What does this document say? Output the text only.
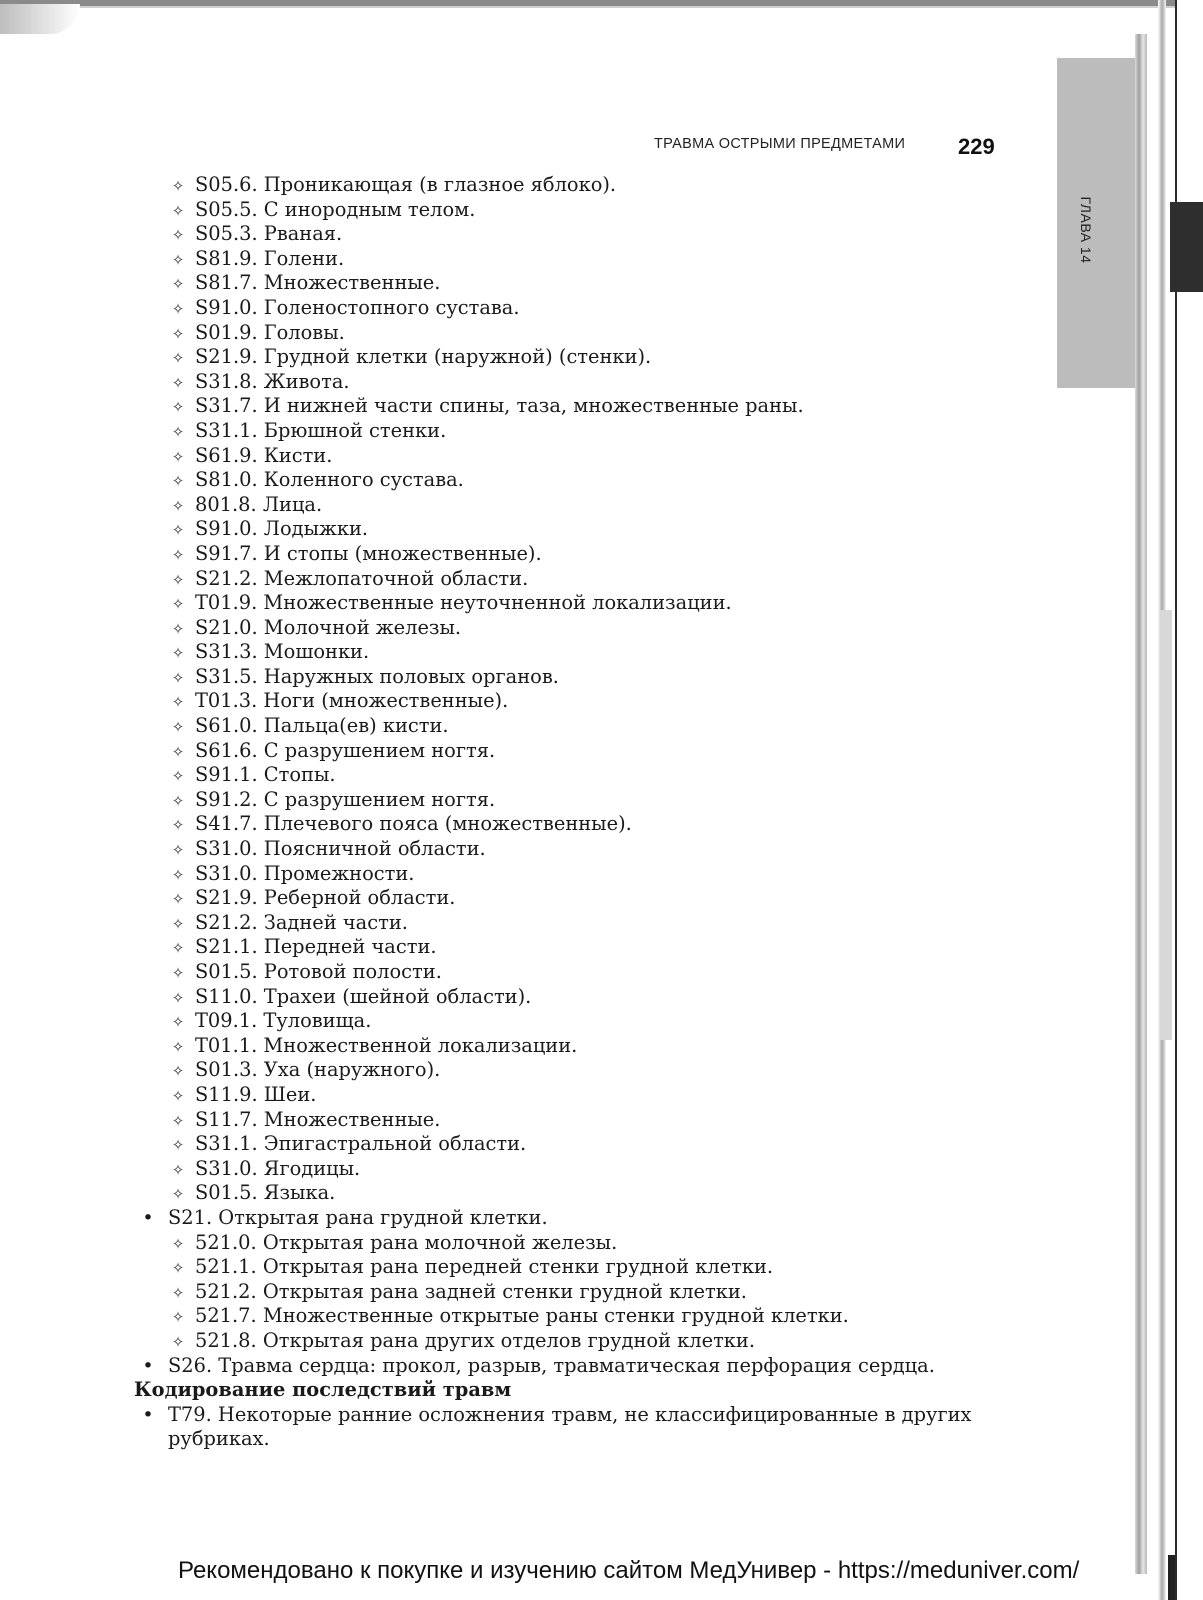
ГЛАВА 14
ТРАВМА ОСТРЫМИ ПРЕДМЕТАМИ 229
✧ S05.6. Проникающая (в глазное яблоко).
✧ S05.5. С инородным телом.
✧ S05.3. Рваная.
✧ S81.9. Голени.
✧ S81.7. Множественные.
✧ S91.0. Голеностопного сустава.
✧ S01.9. Головы.
✧ S21.9. Грудной клетки (наружной) (стенки).
✧ S31.8. Живота.
✧ S31.7. И нижней части спины, таза, множественные раны.
✧ S31.1. Брюшной стенки.
✧ S61.9. Кисти.
✧ S81.0. Коленного сустава.
✧ 801.8. Лица.
✧ S91.0. Лодыжки.
✧ S91.7. И стопы (множественные).
✧ S21.2. Межлопаточной области.
✧ T01.9. Множественные неуточненной локализации.
✧ S21.0. Молочной железы.
✧ S31.3. Мошонки.
✧ S31.5. Наружных половых органов.
✧ T01.3. Ноги (множественные).
✧ S61.0. Пальца(ев) кисти.
✧ S61.6. С разрушением ногтя.
✧ S91.1. Стопы.
✧ S91.2. С разрушением ногтя.
✧ S41.7. Плечевого пояса (множественные).
✧ S31.0. Поясничной области.
✧ S31.0. Промежности.
✧ S21.9. Реберной области.
✧ S21.2. Задней части.
✧ S21.1. Передней части.
✧ S01.5. Ротовой полости.
✧ S11.0. Трахеи (шейной области).
✧ T09.1. Туловища.
✧ T01.1. Множественной локализации.
✧ S01.3. Уха (наружного).
✧ S11.9. Шеи.
✧ S11.7. Множественные.
✧ S31.1. Эпигастральной области.
✧ S31.0. Ягодицы.
✧ S01.5. Языка.
• S21. Открытая рана грудной клетки.
✧ 521.0. Открытая рана молочной железы.
✧ 521.1. Открытая рана передней стенки грудной клетки.
✧ 521.2. Открытая рана задней стенки грудной клетки.
✧ 521.7. Множественные открытые раны стенки грудной клетки.
✧ 521.8. Открытая рана других отделов грудной клетки.
• S26. Травма сердца: прокол, разрыв, травматическая перфорация сердца.
Кодирование последствий травм
• T79. Некоторые ранние осложнения травм, не классифицированные в других рубриках.
Рекомендовано к покупке и изучению сайтом МедУнивер - https://meduniver.com/
